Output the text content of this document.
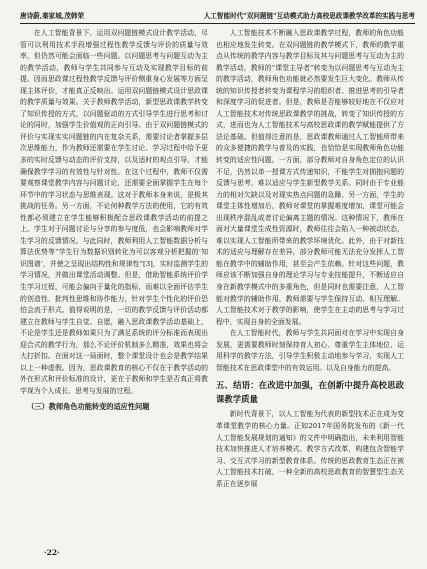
唐诗蔚,秦家城,茂韩荣	人工智能时代"双问题链"互动模式助力高校思政课教学改革的实践与思考

在人工智能背景下，运用双问题链模式设计教学活动，尽管可以利用技术手段增强过程性教学反馈与评价的质量与效率，但仍然可能会面临一些问题。以问题思考与问题互动为主的教学活动，教师与学生共同参与互动及实现教学目标的前提。因而思政课过程性教学反馈与评价侧重身心发展等方面呈现主体评价，才能真正反映出。运用双问题链模式设计思政课的教学质量与效果。关于教师教学活动，新型思政课教学转变了知识传授的方式，以问题驱动的方式引导学生进行思考和讨论的同时，加强学生价值观的正向引导。由于双问题链模式的评价与实现实实问题链的内在复杂关系，需要讨论者掌握多层次思维能力，作为教师还需要在学生讨论、学习过程中给予更多的实时反馈与动态的评价支持，以及适时的观点引导，才能确保教学学习的有效性与针对性。在这个过程中，教师不仅需要观察课堂教学内容与问题讨论，还需要全面掌握学生在每个环节中的学习状态与思维表现。这对于教师本身来说，是极其挑战的任务。另一方面，不论何种教学方法的使用，它的有效性都必须建立在学生能够积极配合思政课教学活动的前提之上。学生对于问题讨论与分享的参与度低，也会影响教师对学生学习的反馈情况。与此同时，教师利用人工智能数据分析与算法优势等“学生行为数据识别转化为可以客观分析把握的‘知识图谱’，并使之呈现出结构性和规律性”[3]，实时监测学生的学习情况，并做出课堂活动调整。但是，借助智能系统评价学生学习过程，可能会偏向于量化的指标，而难以全面评估学生的创造性、批判性思维和协作能力，针对学生个性化的评价恐怕会流于形式。值得说明的是，一切的教学反馈与评价活动都建立在教师与学生自觉、自愿，融入思政课教学活动基础上，不论是学生还是教师如果只为了满足系统的评分标准而表现出迎合式的教学行为，那么不论评价机制多么精准，效果也将会大打折扣。在面对这一局面时，整个课堂设计也会是教学结果以上一种虚假。因为，思政课教育的核心不仅在于教学活动的外在形式和评价标准的设计，更在于教师和学生是否真正将教学视为个人成长、思考与发展的过程。

（三）教师角色功能转变的适应性问题

人工智能技术不断融入思政课教学过程，教师的角色功能也相应地发生转变。在双问题链的教学模式下，教师的教学重点从传统的教学内容与教学目标及其与问题思考与互动为主的教学活动，教师的“课堂主导者”转变为以问题思考与互动为主的教学活动，教师角色功能就必然要发生巨大变化。教师从传统的知识传授者转变为课程学习的组织者、推进思考的引导者和深度学习的促进者。但是，教师是否能够较好地在不仅应对人工智能技术对传统思政课教学的挑战，转变了知识传授的方式，进而也为人工智能技术与高校思政课的教学赋能提供了方法论基础。但值得注意的是，思政课教师通过人工智能所带来的众多便捷的教学与普及的实践，也恰恰是实现教师角色功能转变的适应性问题。一方面，部分教师对自身角色定位的认识不足，仍然以单一授课方式传递知识，不能学生对拥抱问题的反馈与思考，难以适应与学生新型教学关系。同时由于专业能力的相对欠缺以及对现实热点问题的急躁、另一方面，学生的课堂主体性增加后，教师对课堂的掌握难度增加，课堂可能会出现秩序混乱或者讨论偏离主题的情况。这种情况下，教师在面对大量课堂生成性资源时，教师往往会陷入一种被动状态，难以实现人工智能所带来的教学环境优化。此外，由于对新技术的适应与理解存在差异，部分教师可能无法充分发挥人工智能在教学中的辅助作用，甚至会产生依赖。针对这些问题，教师应该不断加强自身的理论学习与专业技能提升，不断适应自身在新教学模式中的多重角色，但是同时也需要注意，人工智能对教学的辅助作用，教师需要与学生保持互动、相互理解。人工智能技术对于教学的影响，使学生在主动的思考与学习过程中，实现自身的全面发展。

在人工智能时代，教师与学生共同面对在学习中实现自身发展，更需要教师时刻保持育人初心、尊重学生主体地位、运用科学的教学方法，引导学生积极主动地参与学习，实现人工智能技术在思政课堂中的有效运用。以及自身能力的提高。

五、结语：在改进中加强，在创新中提升高校思政课教学质量

新时代背景下，以人工智能为代表的新型技术正在成为变革课堂教学的核心力量。正如2017年国务院发布的《新一代人工智能发展规划的通知》的文件中明确指出，未来利用智能技术加快推进人才培养模式、教学方式改革，构建包含智能学习、交互式学习的新型教育体系。传统的思政教育生态正在被人工智能技术打破，一种全新的高校思政教育的智慧型生态关系正在逐步展

·22·
